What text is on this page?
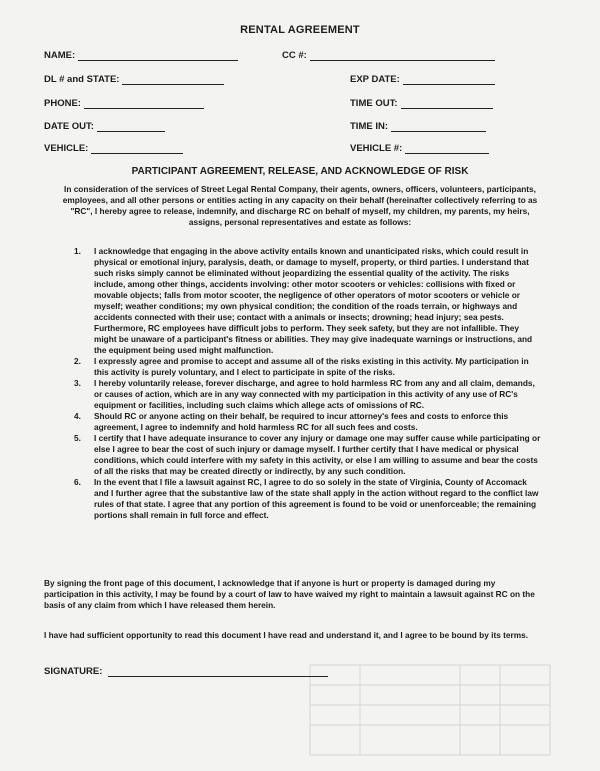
RENTAL AGREEMENT
NAME:	CC #:
DL # and STATE:	EXP DATE:
PHONE:	TIME OUT:
DATE OUT:	TIME IN:
VEHICLE:	VEHICLE #:
PARTICIPANT AGREEMENT, RELEASE, AND ACKNOWLEDGE OF RISK
In consideration of the services of Street Legal Rental Company, their agents, owners, officers, volunteers, participants, employees, and all other persons or entities acting in any capacity on their behalf (hereinafter collectively referring to as "RC", I hereby agree to release, indemnify, and discharge RC on behalf of myself, my children, my parents, my heirs, assigns, personal representatives and estate as follows:
1.	I acknowledge that engaging in the above activity entails known and unanticipated risks, which could result in physical or emotional injury, paralysis, death, or damage to myself, property, or third parties. I understand that such risks simply cannot be eliminated without jeopardizing the essential quality of the activity. The risks include, among other things, accidents involving: other motor scooters or vehicles: collisions with fixed or movable objects; falls from motor scooter, the negligence of other operators of motor scooters or vehicle or myself; weather conditions; my own physical condition; the condition of the roads terrain, or highways and accidents connected with their use; contact with a animals or insects; drowning; head injury; sea pests. Furthermore, RC employees have difficult jobs to perform. They seek safety, but they are not infallible. They might be unaware of a participant's fitness or abilities. They may give inadequate warnings or instructions, and the equipment being used might malfunction.
2.	I expressly agree and promise to accept and assume all of the risks existing in this activity. My participation in this activity is purely voluntary, and I elect to participate in spite of the risks.
3.	I hereby voluntarily release, forever discharge, and agree to hold harmless RC from any and all claim, demands, or causes of action, which are in any way connected with my participation in this activity of any use of RC's equipment or facilities, including such claims which allege acts of omissions of RC.
4.	Should RC or anyone acting on their behalf, be required to incur attorney's fees and costs to enforce this agreement, I agree to indemnify and hold harmless RC for all such fees and costs.
5.	I certify that I have adequate insurance to cover any injury or damage one may suffer cause while participating or else I agree to bear the cost of such injury or damage myself. I further certify that I have medical or physical conditions, which could interfere with my safety in this activity, or else I am willing to assume and bear the costs of all the risks that may be created directly or indirectly, by any such condition.
6.	In the event that I file a lawsuit against RC, I agree to do so solely in the state of Virginia, County of Accomack and I further agree that the substantive law of the state shall apply in the action without regard to the conflict law rules of that state. I agree that any portion of this agreement is found to be void or unenforceable; the remaining portions shall remain in full force and effect.
By signing the front page of this document, I acknowledge that if anyone is hurt or property is damaged during my participation in this activity, I may be found by a court of law to have waived my right to maintain a lawsuit against RC on the basis of any claim from which I have released them herein.
I have had sufficient opportunity to read this document I have read and understand it, and I agree to be bound by its terms.
SIGNATURE:
